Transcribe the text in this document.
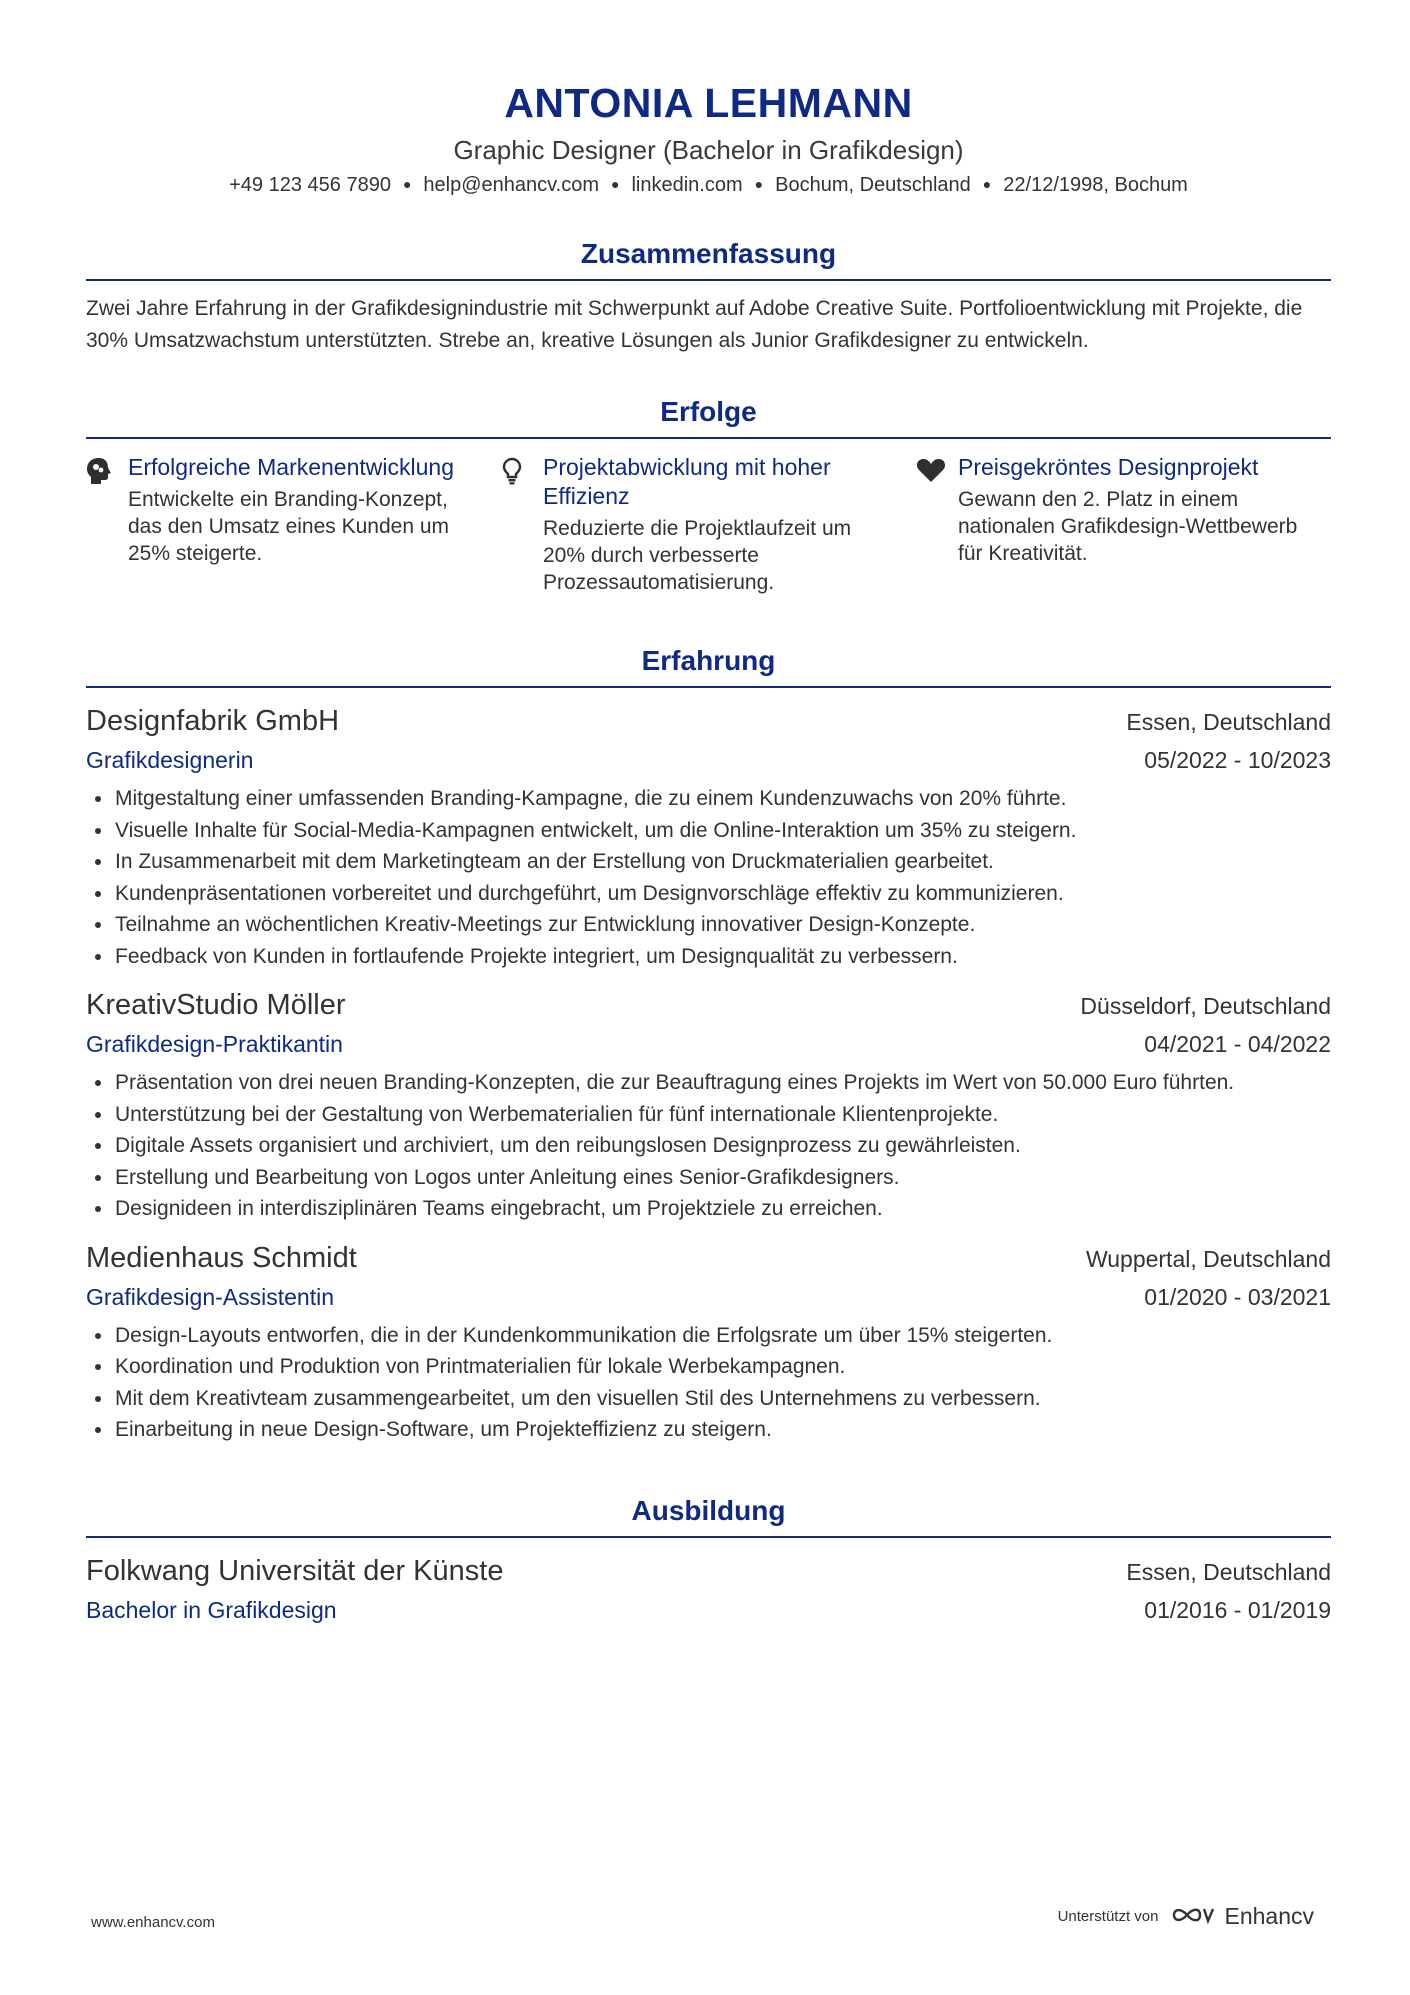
ANTONIA LEHMANN
Graphic Designer (Bachelor in Grafikdesign)
+49 123 456 7890 ● help@enhancv.com ● linkedin.com ● Bochum, Deutschland ● 22/12/1998, Bochum
Zusammenfassung
Zwei Jahre Erfahrung in der Grafikdesignindustrie mit Schwerpunkt auf Adobe Creative Suite. Portfolioentwicklung mit Projekte, die 30% Umsatzwachstum unterstützten. Strebe an, kreative Lösungen als Junior Grafikdesigner zu entwickeln.
Erfolge
Erfolgreiche Markenentwicklung
Entwickelte ein Branding-Konzept, das den Umsatz eines Kunden um 25% steigerte.
Projektabwicklung mit hoher Effizienz
Reduzierte die Projektlaufzeit um 20% durch verbesserte Prozessautomatisierung.
Preisgekröntes Designprojekt
Gewann den 2. Platz in einem nationalen Grafikdesign-Wettbewerb für Kreativität.
Erfahrung
Designfabrik GmbH	Essen, Deutschland
Grafikdesignerin	05/2022 - 10/2023
Mitgestaltung einer umfassenden Branding-Kampagne, die zu einem Kundenzuwachs von 20% führte.
Visuelle Inhalte für Social-Media-Kampagnen entwickelt, um die Online-Interaktion um 35% zu steigern.
In Zusammenarbeit mit dem Marketingteam an der Erstellung von Druckmaterialien gearbeitet.
Kundenpräsentationen vorbereitet und durchgeführt, um Designvorschläge effektiv zu kommunizieren.
Teilnahme an wöchentlichen Kreativ-Meetings zur Entwicklung innovativer Design-Konzepte.
Feedback von Kunden in fortlaufende Projekte integriert, um Designqualität zu verbessern.
KreativStudio Möller	Düsseldorf, Deutschland
Grafikdesign-Praktikantin	04/2021 - 04/2022
Präsentation von drei neuen Branding-Konzepten, die zur Beauftragung eines Projekts im Wert von 50.000 Euro führten.
Unterstützung bei der Gestaltung von Werbematerialien für fünf internationale Klientenprojekte.
Digitale Assets organisiert und archiviert, um den reibungslosen Designprozess zu gewährleisten.
Erstellung und Bearbeitung von Logos unter Anleitung eines Senior-Grafikdesigners.
Designideen in interdisziplinären Teams eingebracht, um Projektziele zu erreichen.
Medienhaus Schmidt	Wuppertal, Deutschland
Grafikdesign-Assistentin	01/2020 - 03/2021
Design-Layouts entworfen, die in der Kundenkommunikation die Erfolgsrate um über 15% steigerten.
Koordination und Produktion von Printmaterialien für lokale Werbekampagnen.
Mit dem Kreativteam zusammengearbeitet, um den visuellen Stil des Unternehmens zu verbessern.
Einarbeitung in neue Design-Software, um Projekteffizienz zu steigern.
Ausbildung
Folkwang Universität der Künste	Essen, Deutschland
Bachelor in Grafikdesign	01/2016 - 01/2019
www.enhancv.com	Unterstützt von	Enhancv
